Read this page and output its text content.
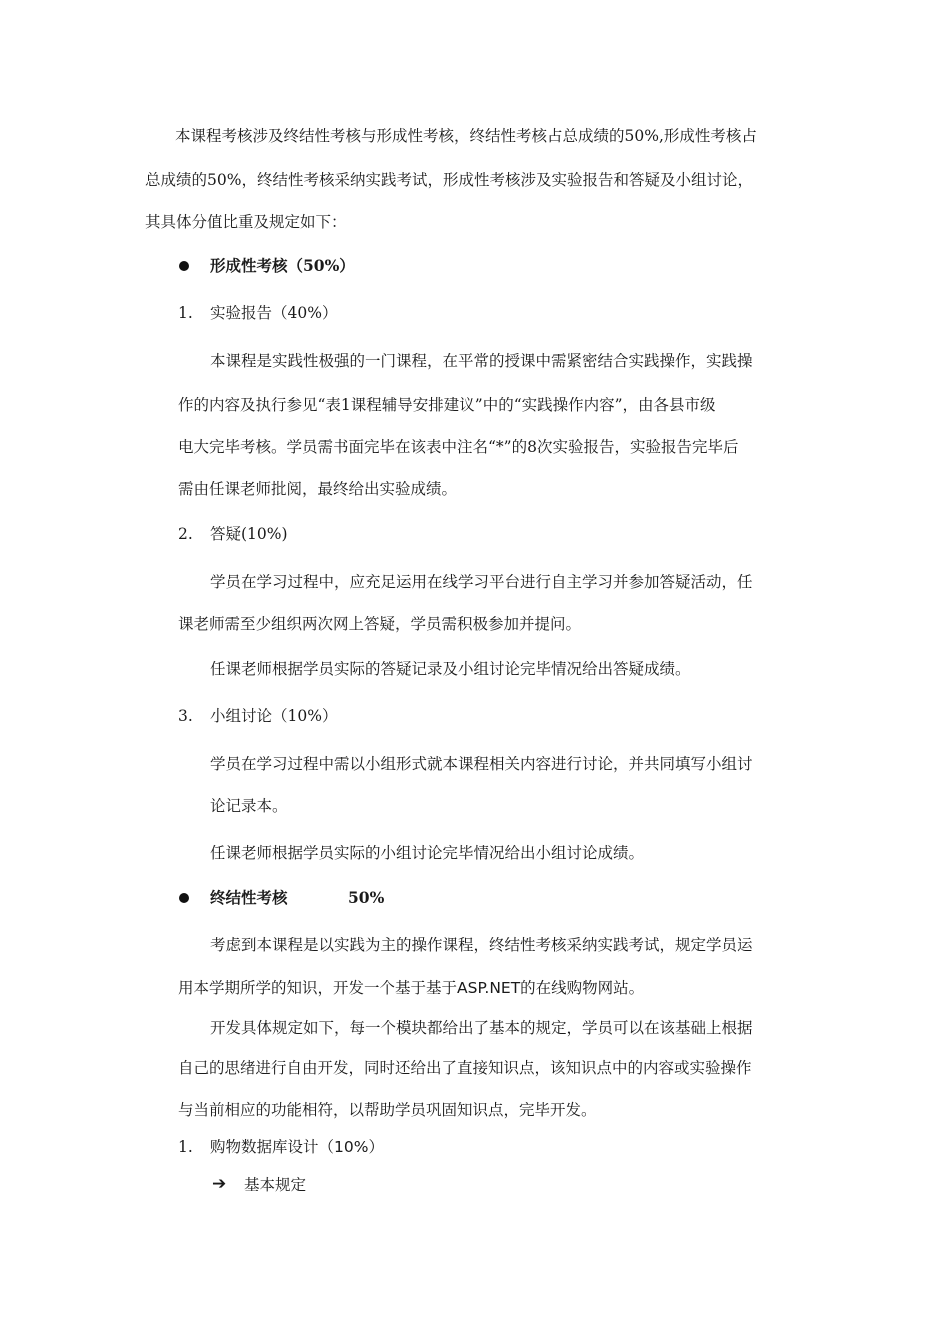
本课程考核涉及终结性考核与形成性考核，终结性考核占总成绩的50%,形成性考核占
总成绩的50%，终结性考核采纳实践考试，形成性考核涉及实验报告和答疑及小组讨论，
其具体分值比重及规定如下：
形成性考核（50%）
1. 实验报告（40%）
本课程是实践性极强的一门课程，在平常的授课中需紧密结合实践操作，实践操
作的内容及执行参见“表1课程辅导安排建议”中的“实践操作内容”，由各县市级
电大完毕考核。学员需书面完毕在该表中注名“*”的8次实验报告，实验报告完毕后
需由任课老师批阅，最终给出实验成绩。
2. 答疑(10%)
学员在学习过程中，应充足运用在线学习平台进行自主学习并参加答疑活动，任
课老师需至少组织两次网上答疑，学员需积极参加并提问。
任课老师根据学员实际的答疑记录及小组讨论完毕情况给出答疑成绩。
3. 小组讨论（10%）
学员在学习过程中需以小组形式就本课程相关内容进行讨论，并共同填写小组讨
论记录本。
任课老师根据学员实际的小组讨论完毕情况给出小组讨论成绩。
终结性考核	50%
考虑到本课程是以实践为主的操作课程，终结性考核采纳实践考试，规定学员运
用本学期所学的知识，开发一个基于基于ASP.NET的在线购物网站。
开发具体规定如下，每一个模块都给出了基本的规定，学员可以在该基础上根据
自己的思绪进行自由开发，同时还给出了直接知识点，该知识点中的内容或实验操作
与当前相应的功能相符，以帮助学员巩固知识点，完毕开发。
1. 购物数据库设计（10%）
➔ 基本规定
